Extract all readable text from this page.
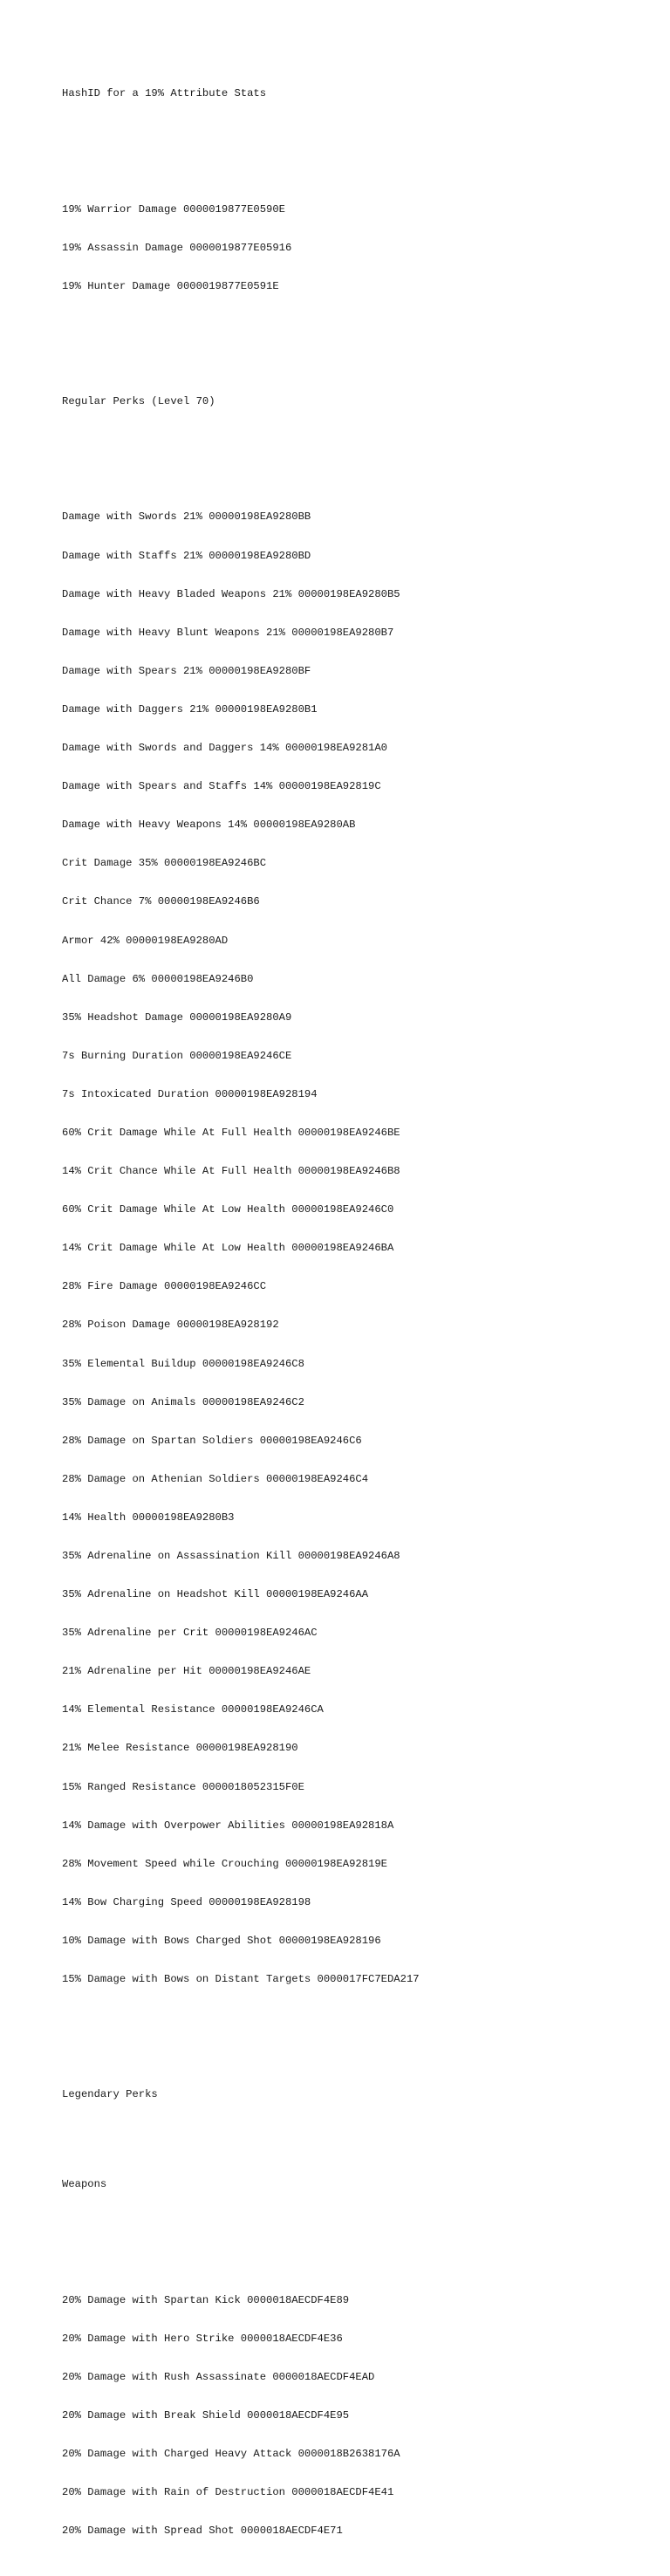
HashID for a 19% Attribute Stats

19% Warrior Damage 0000019877E0590E

19% Assassin Damage 0000019877E05916

19% Hunter Damage 0000019877E0591E

Regular Perks (Level 70)

Damage with Swords 21% 00000198EA9280BB

Damage with Staffs 21% 00000198EA9280BD

Damage with Heavy Bladed Weapons 21% 00000198EA9280B5

Damage with Heavy Blunt Weapons 21% 00000198EA9280B7

Damage with Spears 21% 00000198EA9280BF

Damage with Daggers 21% 00000198EA9280B1

Damage with Swords and Daggers 14% 00000198EA9281A0

Damage with Spears and Staffs 14% 00000198EA92819C

Damage with Heavy Weapons 14% 00000198EA9280AB

Crit Damage 35% 00000198EA9246BC

Crit Chance 7% 00000198EA9246B6

Armor 42% 00000198EA9280AD

All Damage 6% 00000198EA9246B0

35% Headshot Damage 00000198EA9280A9

7s Burning Duration 00000198EA9246CE

7s Intoxicated Duration 00000198EA928194

60% Crit Damage While At Full Health 00000198EA9246BE

14% Crit Chance While At Full Health 00000198EA9246B8

60% Crit Damage While At Low Health 00000198EA9246C0

14% Crit Damage While At Low Health 00000198EA9246BA

28% Fire Damage 00000198EA9246CC

28% Poison Damage 00000198EA928192

35% Elemental Buildup 00000198EA9246C8

35% Damage on Animals 00000198EA9246C2

28% Damage on Spartan Soldiers 00000198EA9246C6

28% Damage on Athenian Soldiers 00000198EA9246C4

14% Health 00000198EA9280B3

35% Adrenaline on Assassination Kill 00000198EA9246A8

35% Adrenaline on Headshot Kill 00000198EA9246AA

35% Adrenaline per Crit 00000198EA9246AC

21% Adrenaline per Hit 00000198EA9246AE

14% Elemental Resistance 00000198EA9246CA

21% Melee Resistance 00000198EA928190

15% Ranged Resistance 0000018052315F0E

14% Damage with Overpower Abilities 00000198EA92818A

28% Movement Speed while Crouching 00000198EA92819E

14% Bow Charging Speed 00000198EA928198

10% Damage with Bows Charged Shot 00000198EA928196

15% Damage with Bows on Distant Targets 0000017FC7EDA217

Legendary Perks

Weapons

20% Damage with Spartan Kick 0000018AECDF4E89

20% Damage with Hero Strike 0000018AECDF4E36

20% Damage with Rush Assassinate 0000018AECDF4EAD

20% Damage with Break Shield 0000018AECDF4E95

20% Damage with Charged Heavy Attack 0000018B2638176A

20% Damage with Rain of Destruction 0000018AECDF4E41

20% Damage with Spread Shot 0000018AECDF4E71
